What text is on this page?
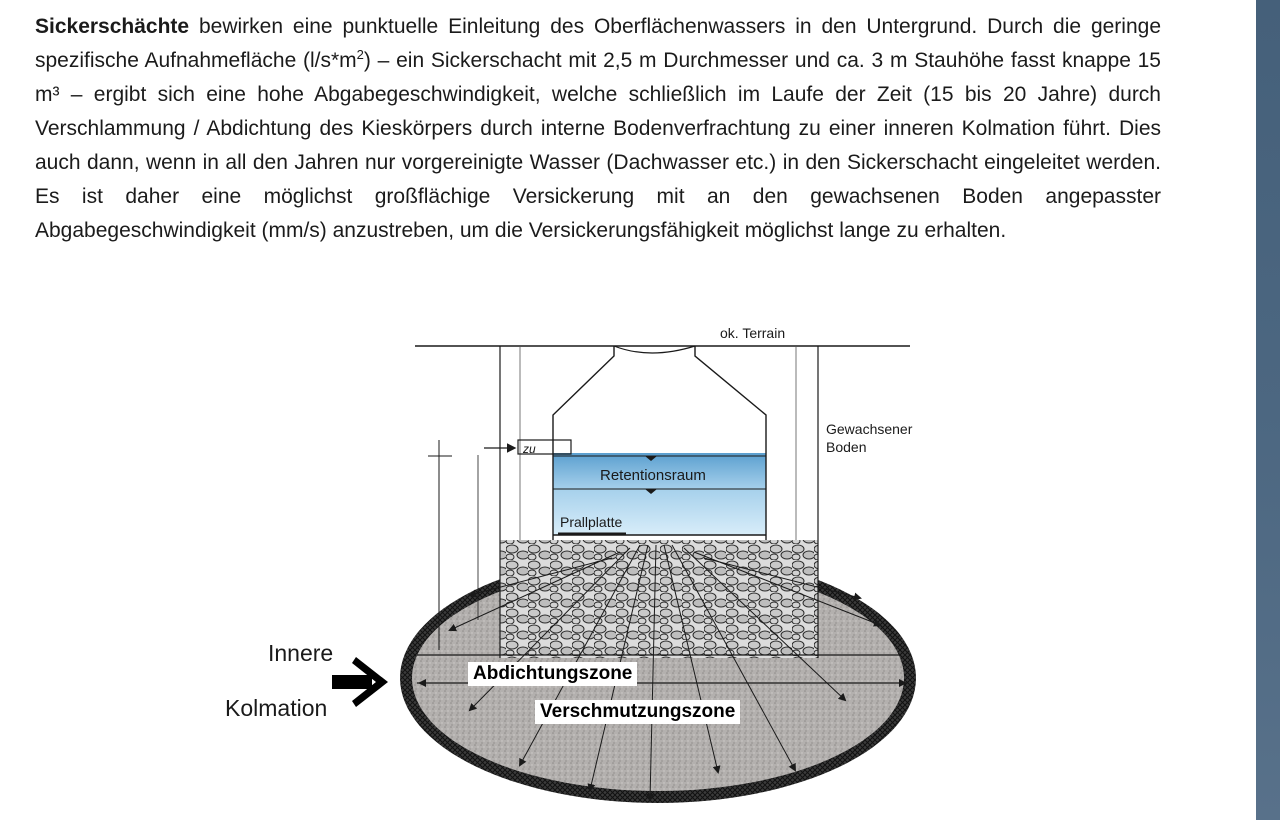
Sickerschächte bewirken eine punktuelle Einleitung des Oberflächenwassers in den Untergrund. Durch die geringe spezifische Aufnahmefläche $(l/s*m^2)$ – ein Sickerschacht mit 2,5 m Durchmesser und ca. 3 m Stauhöhe fasst knappe 15 m³ – ergibt sich eine hohe Abgabegeschwindigkeit, welche schließlich im Laufe der Zeit (15 bis 20 Jahre) durch Verschlammung / Abdichtung des Kieskörpers durch interne Bodenverfrachtung zu einer inneren Kolmation führt. Dies auch dann, wenn in all den Jahren nur vorgereinigte Wasser (Dachwasser etc.) in den Sickerschacht eingeleitet werden. Es ist daher eine möglichst großflächige Versickerung mit an den gewachsenen Boden angepasster Abgabegeschwindigkeit (mm/s) anzustreben, um die Versickerungsfähigkeit möglichst lange zu erhalten.

ok. Terrain
zu
Gewachsener
Boden
Retentionsraum
Prallplatte
Innere
Kolmation
Abdichtungszone
Verschmutzungszone
